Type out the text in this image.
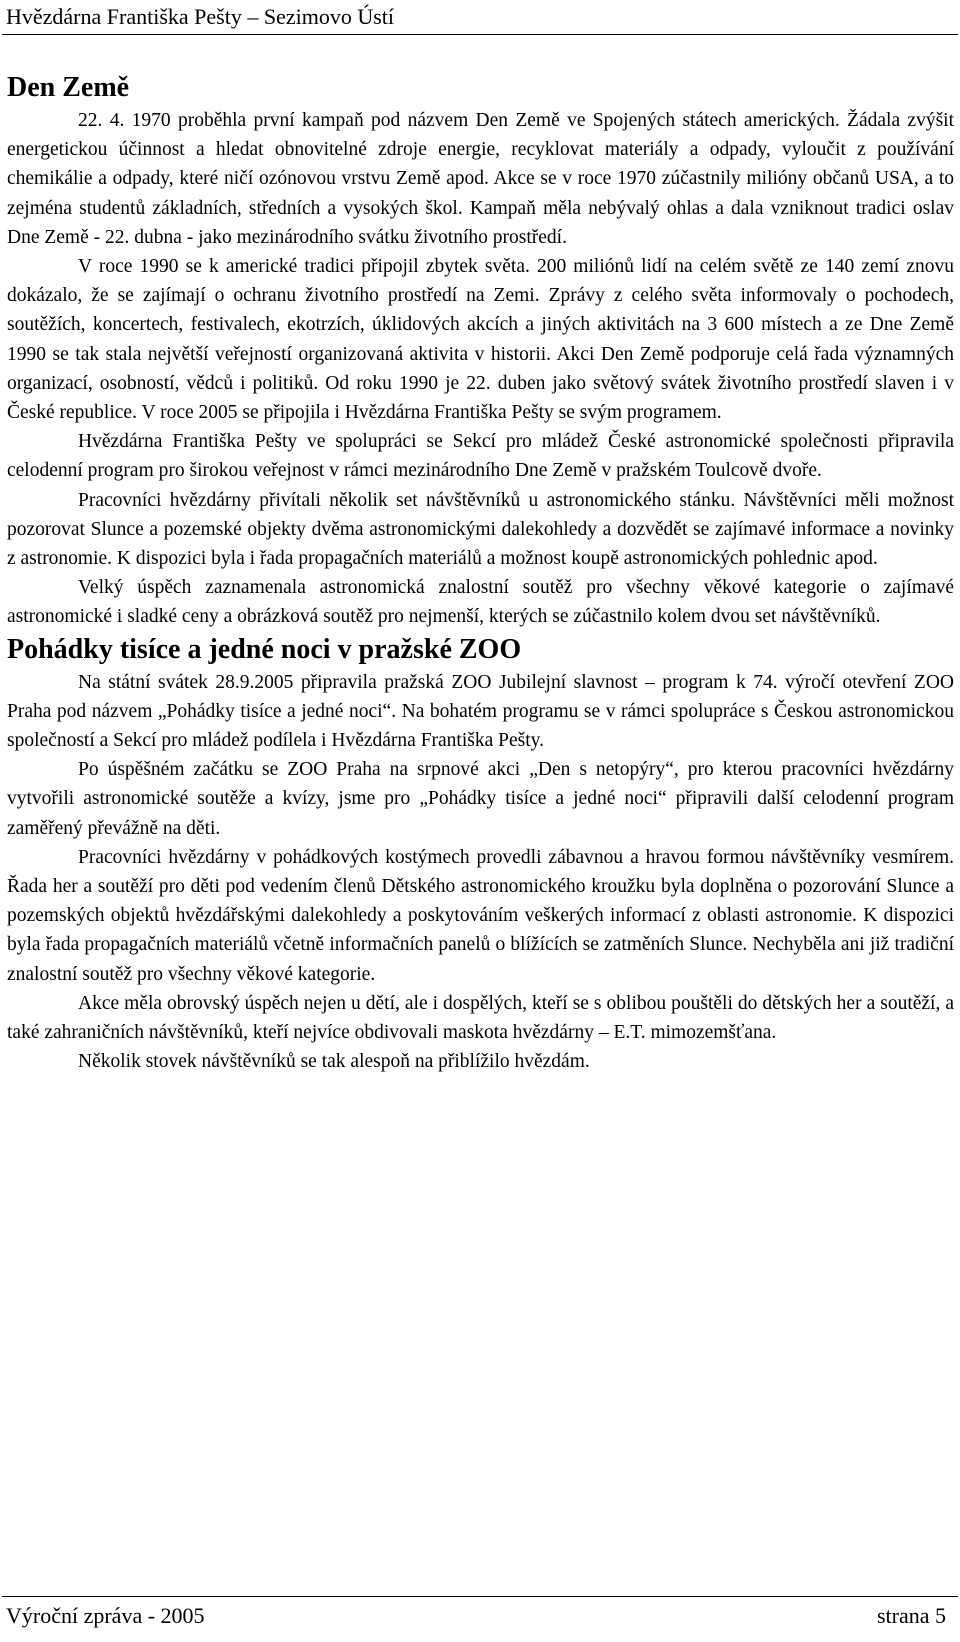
Hvězdárna Františka Pešty – Sezimovo Ústí
Den Země

22. 4. 1970 proběhla první kampaň pod názvem Den Země ve Spojených státech amerických. Žádala zvýšit energetickou účinnost a hledat obnovitelné zdroje energie, recyklovat materiály a odpady, vyloučit z používání chemikálie a odpady, které ničí ozónovou vrstvu Země apod. Akce se v roce 1970 zúčastnily milióny občanů USA, a to zejména studentů základních, středních a vysokých škol. Kampaň měla nebývalý ohlas a dala vzniknout tradici oslav Dne Země - 22. dubna - jako mezinárodního svátku životního prostředí.

V roce 1990 se k americké tradici připojil zbytek světa. 200 miliónů lidí na celém světě ze 140 zemí znovu dokázalo, že se zajímají o ochranu životního prostředí na Zemi. Zprávy z celého světa informovaly o pochodech, soutěžích, koncertech, festivalech, ekotrzích, úklidových akcích a jiných aktivitách na 3 600 místech a ze Dne Země 1990 se tak stala největší veřejností organizovaná aktivita v historii. Akci Den Země podporuje celá řada významných organizací, osobností, vědců i politiků. Od roku 1990 je 22. duben jako světový svátek životního prostředí slaven i v České republice. V roce 2005 se připojila i Hvězdárna Františka Pešty se svým programem.

Hvězdárna Františka Pešty ve spolupráci se Sekcí pro mládež České astronomické společnosti připravila celodenní program pro širokou veřejnost v rámci mezinárodního Dne Země v pražském Toulcově dvoře.

Pracovníci hvězdárny přivítali několik set návštěvníků u astronomického stánku. Návštěvníci měli možnost pozorovat Slunce a pozemské objekty dvěma astronomickými dalekohledy a dozvědět se zajímavé informace a novinky z astronomie. K dispozici byla i řada propagačních materiálů a možnost koupě astronomických pohlednic apod.

Velký úspěch zaznamenala astronomická znalostní soutěž pro všechny věkové kategorie o zajímavé astronomické i sladké ceny a obrázková soutěž pro nejmenší, kterých se zúčastnilo kolem dvou set návštěvníků.

Pohádky tisíce a jedné noci v pražské ZOO

Na státní svátek 28.9.2005 připravila pražská ZOO Jubilejní slavnost – program k 74. výročí otevření ZOO Praha pod názvem „Pohádky tisíce a jedné noci“. Na bohatém programu se v rámci spolupráce s Českou astronomickou společností a Sekcí pro mládež podílela i Hvězdárna Františka Pešty.

Po úspěšném začátku se ZOO Praha na srpnové akci „Den s netopýry“, pro kterou pracovníci hvězdárny vytvořili astronomické soutěže a kvízy, jsme pro „Pohádky tisíce a jedné noci“ připravili další celodenní program zaměřený převážně na děti.

Pracovníci hvězdárny v pohádkových kostýmech provedli zábavnou a hravou formou návštěvníky vesmírem. Řada her a soutěží pro děti pod vedením členů Dětského astronomického kroužku byla doplněna o pozorování Slunce a pozemských objektů hvězdářskými dalekohledy a poskytováním veškerých informací z oblasti astronomie. K dispozici byla řada propagačních materiálů včetně informačních panelů o blížících se zatměních Slunce. Nechyběla ani již tradiční znalostní soutěž pro všechny věkové kategorie.

Akce měla obrovský úspěch nejen u dětí, ale i dospělých, kteří se s oblibou pouštěli do dětských her a soutěží, a také zahraničních návštěvníků, kteří nejvíce obdivovali maskota hvězdárny – E.T. mimozemšťana.

Několik stovek návštěvníků se tak alespoň na přiblížilo hvězdám.

Výroční zpráva - 2005	strana 5
